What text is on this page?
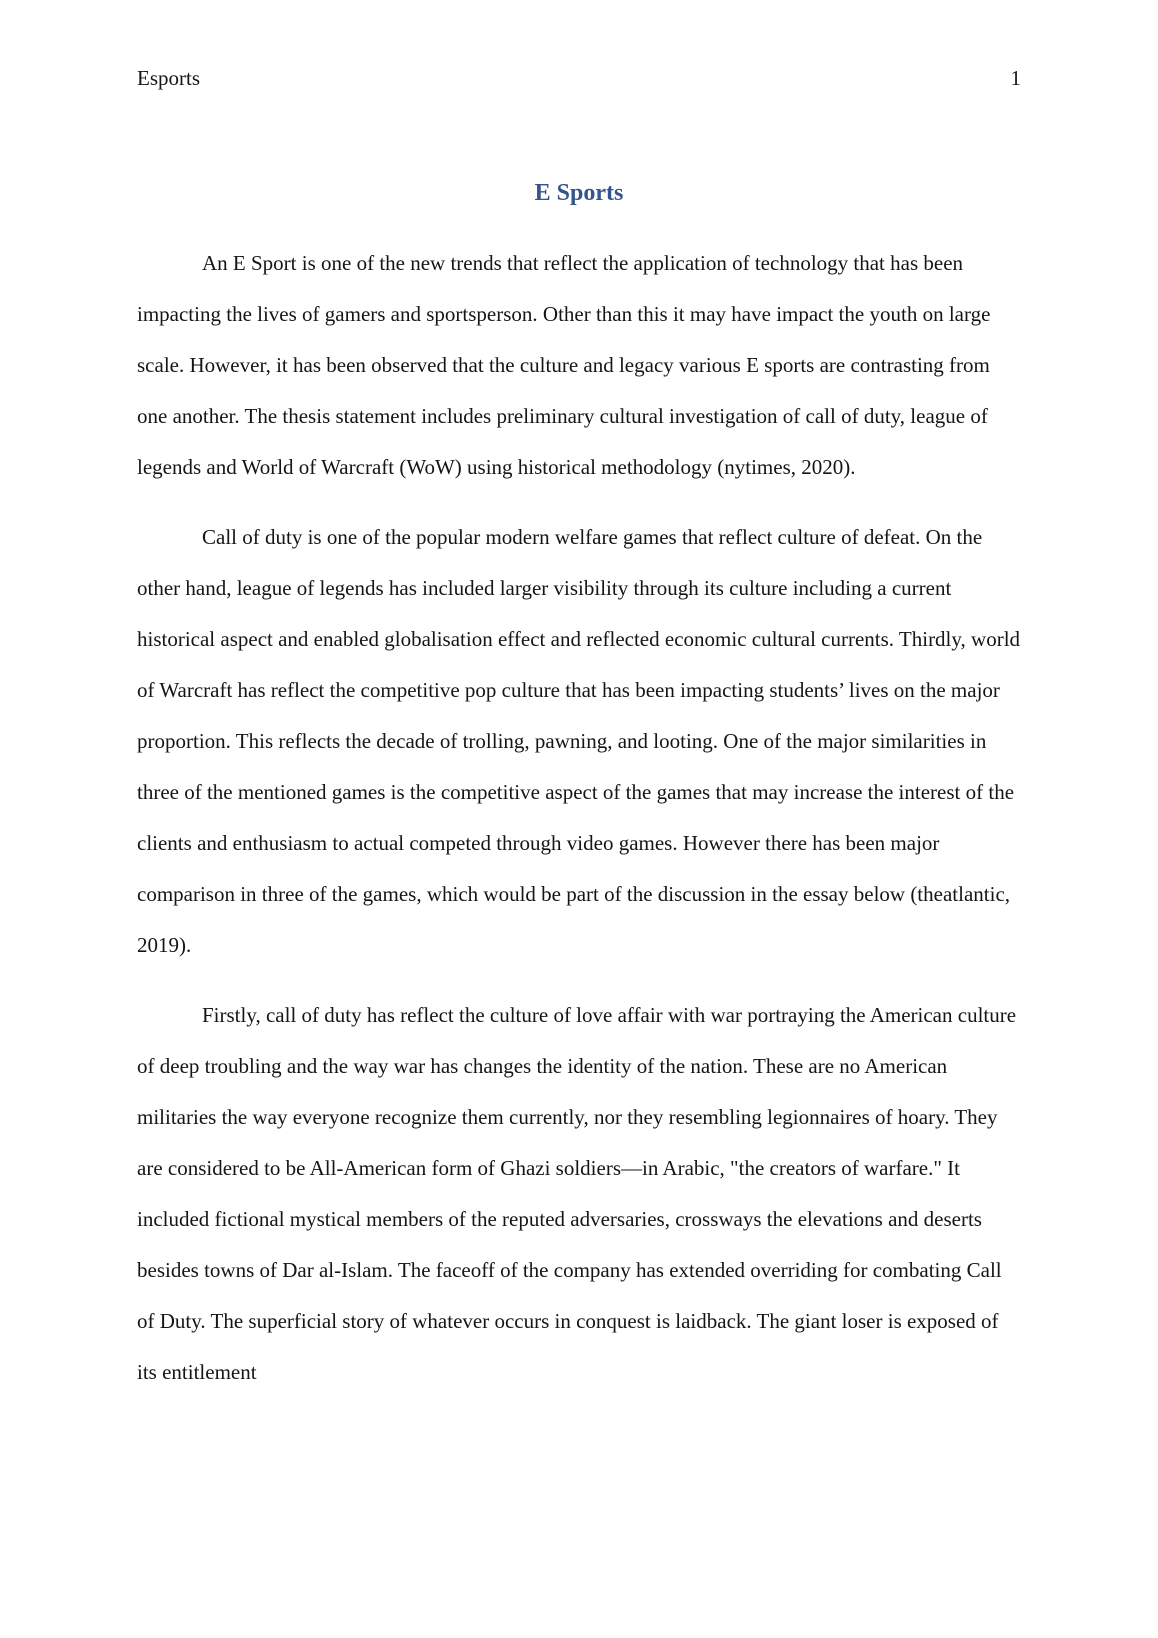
Esports	1
E Sports

An E Sport is one of the new trends that reflect the application of technology that has been impacting the lives of gamers and sportsperson. Other than this it may have impact the youth on large scale. However, it has been observed that the culture and legacy various E sports are contrasting from one another. The thesis statement includes preliminary cultural investigation of call of duty, league of legends and World of Warcraft (WoW) using historical methodology (nytimes, 2020).

Call of duty is one of the popular modern welfare games that reflect culture of defeat. On the other hand, league of legends has included larger visibility through its culture including a current historical aspect and enabled globalisation effect and reflected economic cultural currents. Thirdly, world of Warcraft has reflect the competitive pop culture that has been impacting students’ lives on the major proportion. This reflects the decade of trolling, pawning, and looting. One of the major similarities in three of the mentioned games is the competitive aspect of the games that may increase the interest of the clients and enthusiasm to actual competed through video games. However there has been major comparison in three of the games, which would be part of the discussion in the essay below (theatlantic, 2019).

Firstly, call of duty has reflect the culture of love affair with war portraying the American culture of deep troubling and the way war has changes the identity of the nation. These are no American militaries the way everyone recognize them currently, nor they resembling legionnaires of hoary. They are considered to be All-American form of Ghazi soldiers—in Arabic, "the creators of warfare." It included fictional mystical members of the reputed adversaries, crossways the elevations and deserts besides towns of Dar al-Islam. The faceoff of the company has extended overriding for combating Call of Duty. The superficial story of whatever occurs in conquest is laidback. The giant loser is exposed of its entitlement
